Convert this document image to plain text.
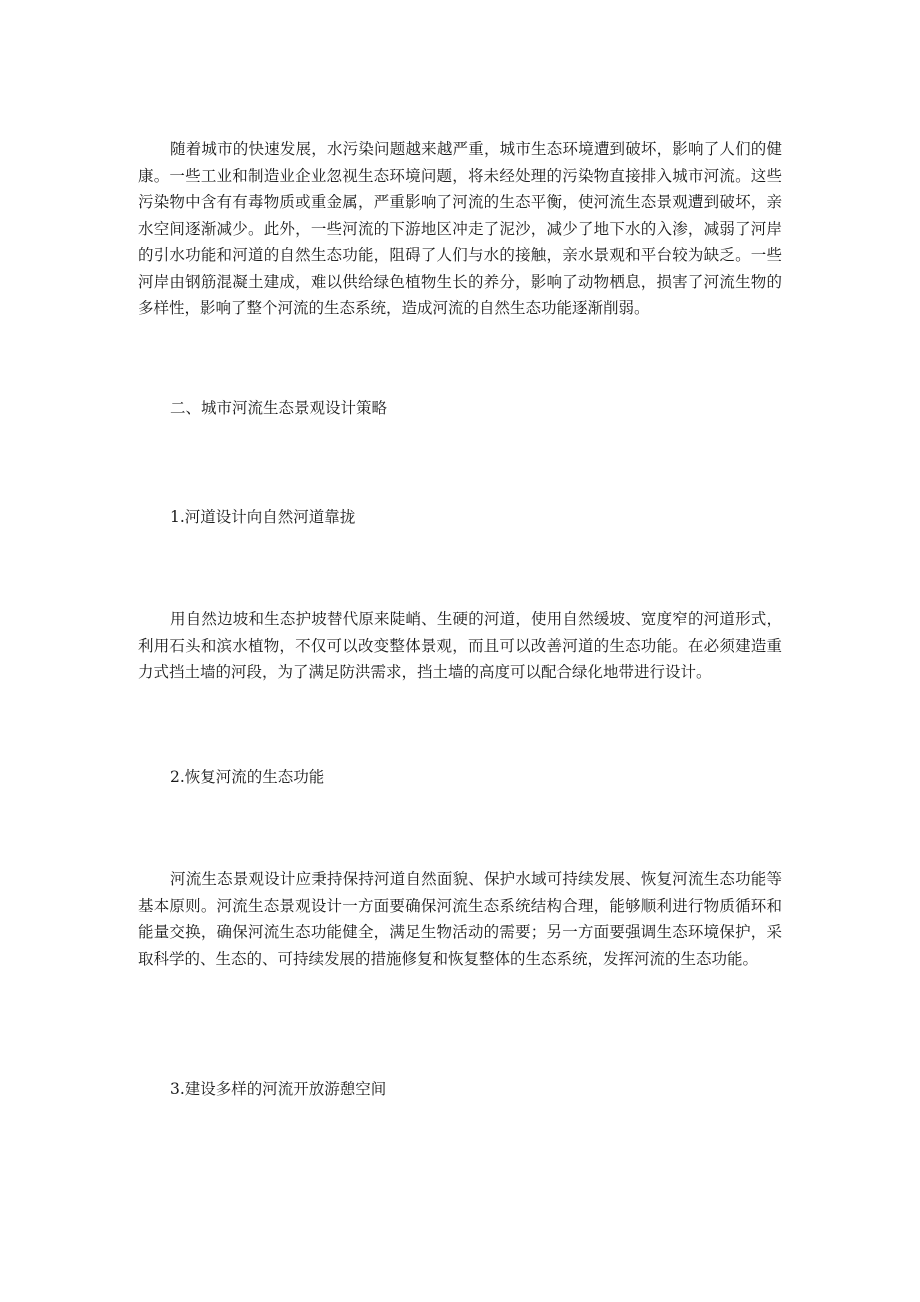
随着城市的快速发展，水污染问题越来越严重，城市生态环境遭到破坏，影响了人们的健康。一些工业和制造业企业忽视生态环境问题，将未经处理的污染物直接排入城市河流。这些污染物中含有有毒物质或重金属，严重影响了河流的生态平衡，使河流生态景观遭到破坏，亲水空间逐渐减少。此外，一些河流的下游地区冲走了泥沙，减少了地下水的入渗，减弱了河岸的引水功能和河道的自然生态功能，阻碍了人们与水的接触，亲水景观和平台较为缺乏。一些河岸由钢筋混凝土建成，难以供给绿色植物生长的养分，影响了动物栖息，损害了河流生物的多样性，影响了整个河流的生态系统，造成河流的自然生态功能逐渐削弱。

二、城市河流生态景观设计策略

1.河道设计向自然河道靠拢

用自然边坡和生态护坡替代原来陡峭、生硬的河道，使用自然缓坡、宽度窄的河道形式，利用石头和滨水植物，不仅可以改变整体景观，而且可以改善河道的生态功能。在必须建造重力式挡土墙的河段，为了满足防洪需求，挡土墙的高度可以配合绿化地带进行设计。

2.恢复河流的生态功能

河流生态景观设计应秉持保持河道自然面貌、保护水域可持续发展、恢复河流生态功能等基本原则。河流生态景观设计一方面要确保河流生态系统结构合理，能够顺利进行物质循环和能量交换，确保河流生态功能健全，满足生物活动的需要；另一方面要强调生态环境保护，采取科学的、生态的、可持续发展的措施修复和恢复整体的生态系统，发挥河流的生态功能。

3.建设多样的河流开放游憩空间
